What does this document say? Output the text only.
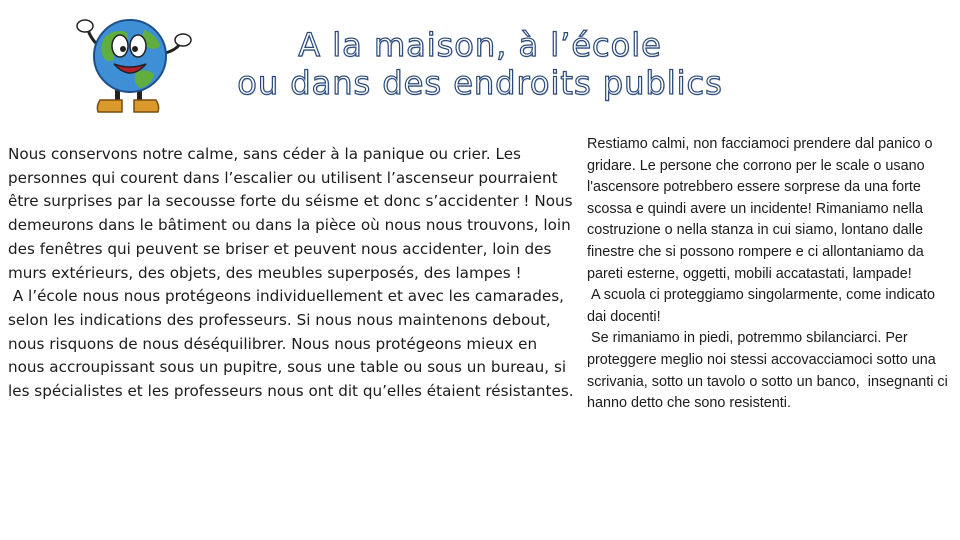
A la maison, à l’école
ou dans des endroits publics

Nous conservons notre calme, sans céder à la panique ou crier. Les personnes qui courent dans l’escalier ou utilisent l’ascenseur pourraient être surprises par la secousse forte du séisme et donc s’accidenter ! Nous demeurons dans le bâtiment ou dans la pièce où nous nous trouvons, loin des fenêtres qui peuvent se briser et peuvent nous accidenter, loin des murs extérieurs, des objets, des meubles superposés, des lampes !

A l’école nous nous protégeons individuellement et avec les camarades, selon les indications des professeurs. Si nous nous maintenons debout, nous risquons de nous déséquilibrer. Nous nous protégeons mieux en nous accroupissant sous un pupitre, sous une table ou sous un bureau, si les spécialistes et les professeurs nous ont dit qu’elles étaient résistantes.

Restiamo calmi, non facciamoci prendere dal panico o gridare. Le persone che corrono per le scale o usano l'ascensore potrebbero essere sorprese da una forte scossa e quindi avere un incidente! Rimaniamo nella costruzione o nella stanza in cui siamo, lontano dalle finestre che si possono rompere e ci allontaniamo da pareti esterne, oggetti, mobili accatastati, lampade!

A scuola ci proteggiamo singolarmente, come indicato dai docenti!

Se rimaniamo in piedi, potremmo sbilanciarci. Per proteggere meglio noi stessi accovacciamoci sotto una scrivania, sotto un tavolo o sotto un banco,  insegnanti ci hanno detto che sono resistenti.
